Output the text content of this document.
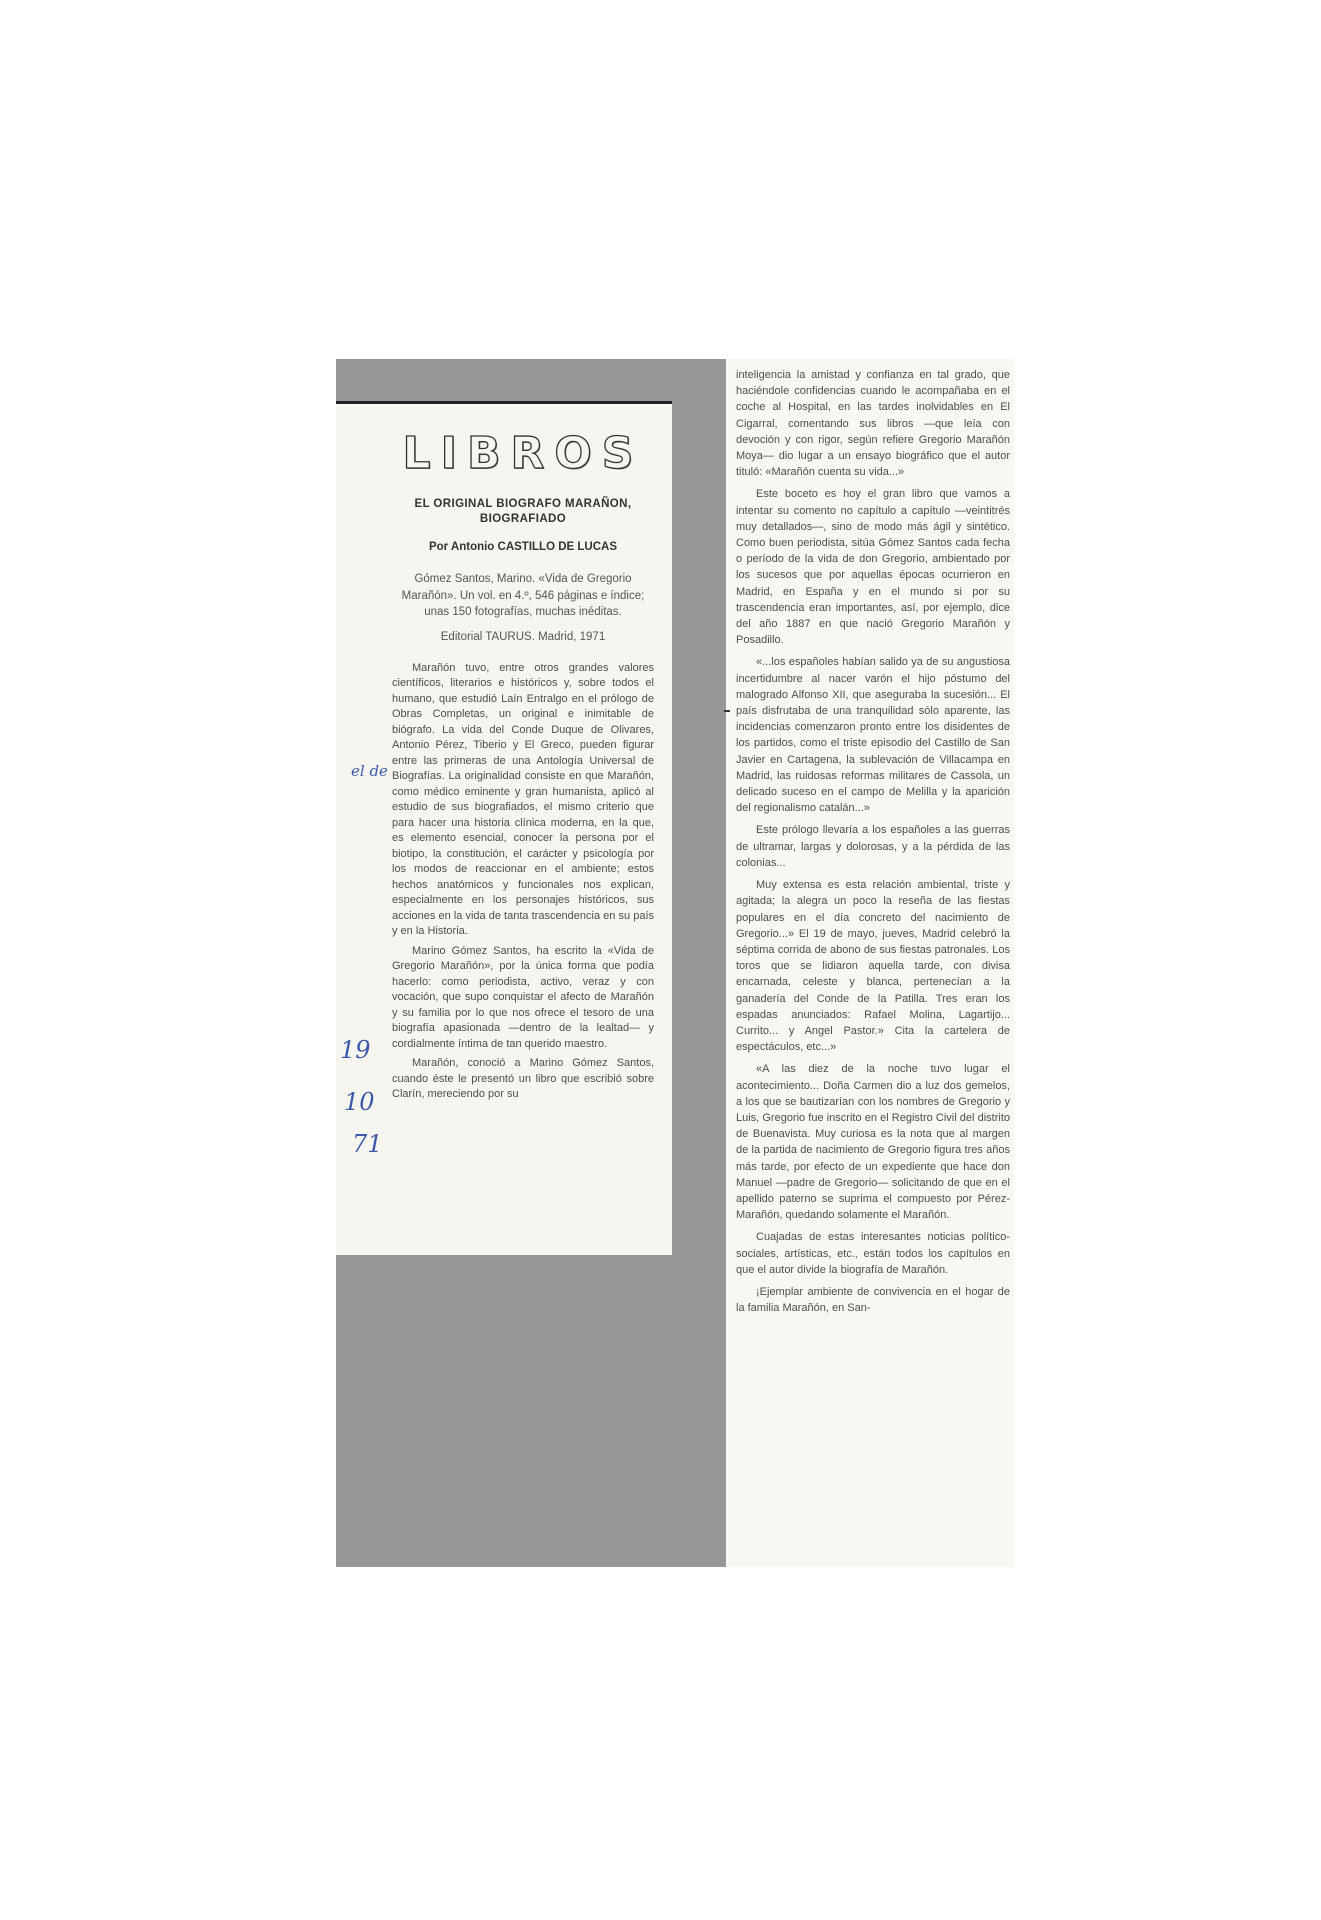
LIBROS
EL ORIGINAL BIOGRAFO MARAÑON,
BIOGRAFIADO
Por Antonio CASTILLO DE LUCAS
Gómez Santos, Marino. «Vida de Gregorio Marañón». Un vol. en 4.º, 546 páginas e índice; unas 150 fotografías, muchas inéditas.
Editorial TAURUS. Madrid, 1971

Marañón tuvo, entre otros grandes valores científicos, literarios e históricos y, sobre todos el humano, que estudió Laín Entralgo en el prólogo de Obras Completas, un original e inimitable de biógrafo. La vida del Conde Duque de Olivares, Antonio Pérez, Tiberio y El Greco, pueden figurar entre las primeras de una Antología Universal de Biografías. La originalidad consiste en que Marañón, como médico eminente y gran humanista, aplicó al estudio de sus biografiados, el mismo criterio que para hacer una historia clínica moderna, en la que, es elemento esencial, conocer la persona por el biotipo, la constitución, el carácter y psicología por los modos de reaccionar en el ambiente; estos hechos anatómicos y funcionales nos explican, especialmente en los personajes históricos, sus acciones en la vida de tanta trascendencia en su país y en la Historia.

Marino Gómez Santos, ha escrito la «Vida de Gregorio Marañón», por la única forma que podía hacerlo: como periodista, activo, veraz y con vocación, que supo conquistar el afecto de Marañón y su familia por lo que nos ofrece el tesoro de una biografía apasionada —dentro de la lealtad— y cordialmente íntima de tan querido maestro.

Marañón, conoció a Marino Gómez Santos, cuando éste le presentó un libro que escribió sobre Clarín, mereciendo por su

inteligencia la amistad y confianza en tal grado, que haciéndole confidencias cuando le acompañaba en el coche al Hospital, en las tardes inolvidables en El Cigarral, comentando sus libros —que leía con devoción y con rigor, según refiere Gregorio Marañón Moya— dio lugar a un ensayo biográfico que el autor tituló: «Marañón cuenta su vida...»

Este boceto es hoy el gran libro que vamos a intentar su comento no capítulo a capítulo —veintitrés muy detallados—, sino de modo más ágil y sintético. Como buen periodista, sitúa Gómez Santos cada fecha o período de la vida de don Gregorio, ambientado por los sucesos que por aquellas épocas ocurrieron en Madrid, en España y en el mundo si por su trascendencia eran importantes, así, por ejemplo, dice del año 1887 en que nació Gregorio Marañón y Posadillo.

«...los españoles habían salido ya de su angustiosa incertidumbre al nacer varón el hijo póstumo del malogrado Alfonso XII, que aseguraba la sucesión... El país disfrutaba de una tranquilidad sólo aparente, las incidencias comenzaron pronto entre los disidentes de los partidos, como el triste episodio del Castillo de San Javier en Cartagena, la sublevación de Villacampa en Madrid, las ruidosas reformas militares de Cassola, un delicado suceso en el campo de Melilla y la aparición del regionalismo catalán...»

Este prólogo llevaría a los españoles a las guerras de ultramar, largas y dolorosas, y a la pérdida de las colonias...

Muy extensa es esta relación ambiental, triste y agitada; la alegra un poco la reseña de las fiestas populares en el día concreto del nacimiento de Gregorio...» El 19 de mayo, jueves, Madrid celebró la séptima corrida de abono de sus fiestas patronales. Los toros que se lidiaron aquella tarde, con divisa encarnada, celeste y blanca, pertenecían a la ganadería del Conde de la Patilla. Tres eran los espadas anunciados: Rafael Molina, Lagartijo... Currito... y Angel Pastor.» Cita la cartelera de espectáculos, etc...»

«A las diez de la noche tuvo lugar el acontecimiento... Doña Carmen dio a luz dos gemelos, a los que se bautizarían con los nombres de Gregorio y Luis, Gregorio fue inscrito en el Registro Civil del distrito de Buenavista. Muy curiosa es la nota que al margen de la partida de nacimiento de Gregorio figura tres años más tarde, por efecto de un expediente que hace don Manuel —padre de Gregorio— solicitando de que en el apellido paterno se suprima el compuesto por Pérez-Marañón, quedando solamente el Marañón.

Cuajadas de estas interesantes noticias político-sociales, artísticas, etc., están todos los capítulos en que el autor divide la biografía de Marañón.

¡Ejemplar ambiente de convivencia en el hogar de la familia Marañón, en San-

el de
19
10
71
